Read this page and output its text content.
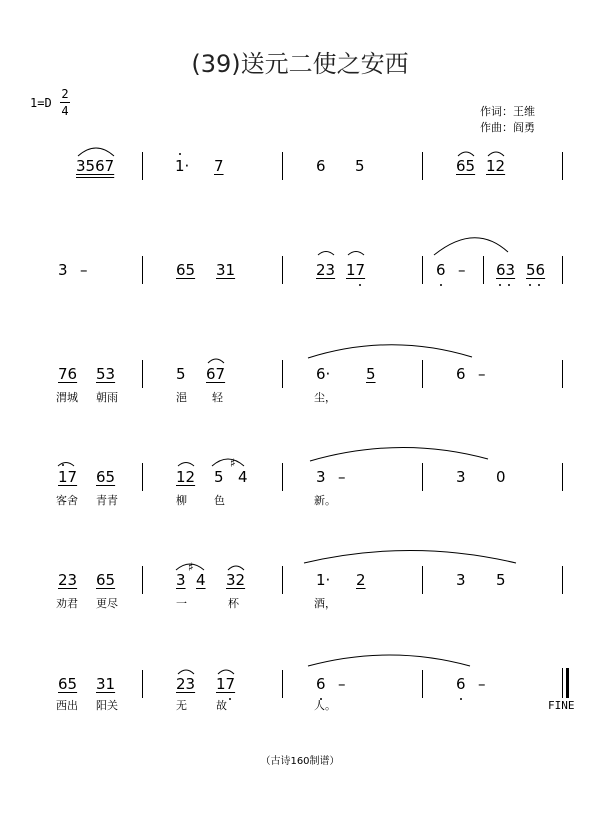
(39)送元二使之安西
$1=D \frac{2}{4}$	作词：王维
作曲：阎勇
3567	1· 7	6 5	65 12
3 –	65 31	23 17	6 – 63 56
76 53	5 67	6· 5	6 –
渭城 朝雨	浥 轻	尘，
17 65	12 5
♯
4	3 –	3 0
客舍 青青	柳 色	新。
23 65	3
♯
4 32	1· 2	3 5
劝君 更尽	一	杯	酒，
65 31	23 17	6 –	6 –
FINE
西出 阳关	无	故	人。
（古诗160制谱）
